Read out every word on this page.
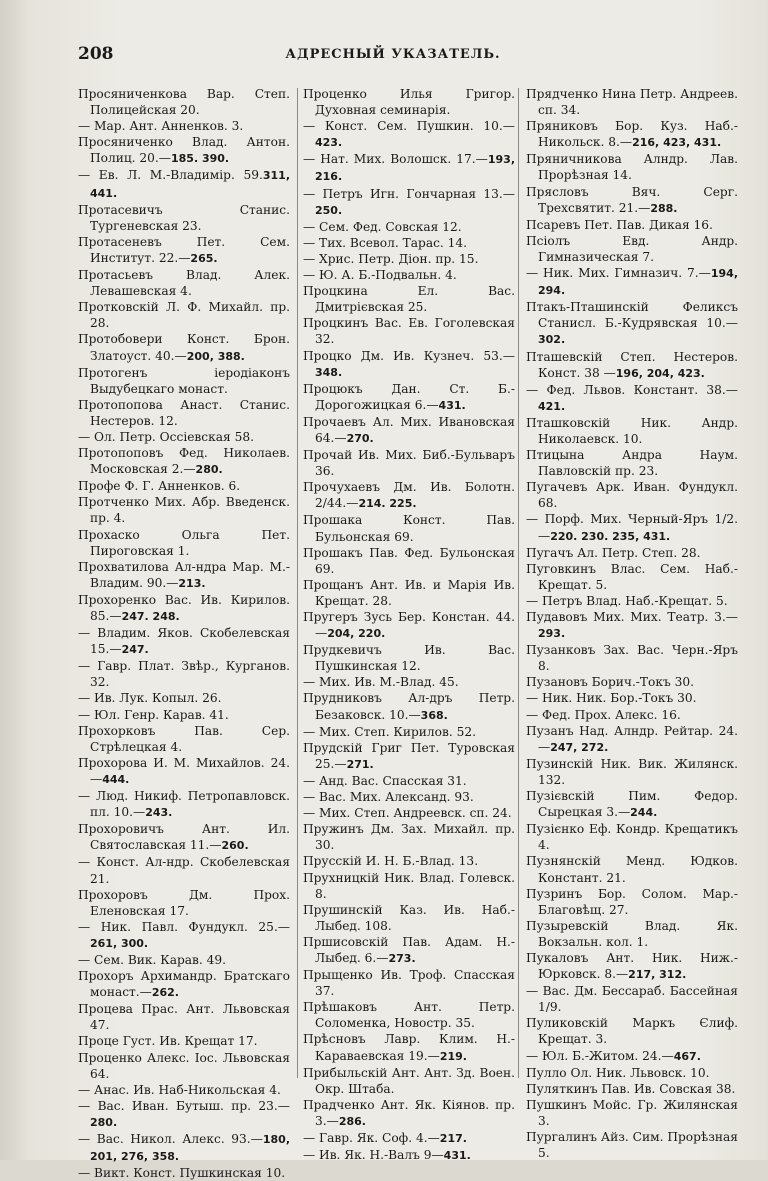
208	АДРЕСНЫЙ УКАЗАТЕЛЬ.
Просяниченкова Вар. Степ. Полицейская 20.
— Мар. Ант. Анненков. 3.
Просяниченко Влад. Антон. Полиц. 20.—185. 390.
— Ев. Л. М.-Владимір. 59.311, 441.
Протасевичъ Станис. Тургеневская 23.
Протасеневъ Пет. Сем. Институт. 22.—265.
Протасьевъ Влад. Алек. Левашевская 4.
Протковскій Л. Ф. Михайл. пр. 28.
Протобовери Конст. Брон. Златоуст. 40.—200, 388.
Протогенъ іеродіаконъ Выдубецкаго монаст.
Протопопова Анаст. Станис. Нестеров. 12.
— Ол. Петр. Оссіевская 58.
Протопоповъ Фед. Николаев. Московская 2.—280.
Профе Ф. Г. Анненков. 6.
Протченко Мих. Абр. Введенск. пр. 4.
Прохаско Ольга Пет. Пироговская 1.
Прохватилова Ал-ндра Мар. М.-Владим. 90.—213.
Прохоренко Вас. Ив. Кирилов. 85.—247. 248.
— Владим. Яков. Скобелевская 15.—247.
— Гавр. Плат. Звѣр., Курганов. 32.
— Ив. Лук. Копыл. 26.
— Юл. Генр. Карав. 41.
Прохорковъ Пав. Сер. Стрѣлецкая 4.
Прохорова И. М. Михайлов. 24.—444.
— Люд. Никиф. Петропавловск. пл. 10.—243.
Прохоровичъ Ант. Ил. Святославская 11.—260.
— Конст. Ал-ндр. Скобелевская 21.
Прохоровъ Дм. Прох. Еленовская 17.
— Ник. Павл. Фундукл. 25.—261, 300.
— Сем. Вик. Карав. 49.
Прохоръ Архимандр. Братскаго монаст.—262.
Процева Прас. Ант. Львовская 47.
Проце Густ. Ив. Крещат 17.
Проценко Алекс. Іос. Львовская 64.
— Анас. Ив. Наб-Никольская 4.
— Вас. Иван. Бутыш. пр. 23.—280.
— Вас. Никол. Алекс. 93.—180, 201, 276, 358.
— Викт. Конст. Пушкинская 10.
Проценко Илья Григор. Духовная семинарія.
— Конст. Сем. Пушкин. 10.—423.
— Нат. Мих. Волошск. 17.—193, 216.
— Петръ Игн. Гончарная 13.—250.
— Сем. Фед. Совская 12.
— Тих. Всевол. Тарас. 14.
— Хрис. Петр. Діон. пр. 15.
— Ю. А. Б.-Подвальн. 4.
Процкина Ел. Вас. Дмитрієвская 25.
Процкинъ Вас. Ев. Гоголевская 32.
Процко Дм. Ив. Кузнеч. 53.—348.
Процюкъ Дан. Ст. Б.-Дорогожицкая 6.—431.
Прочаевъ Ал. Мих. Ивановская 64.—270.
Прочай Ив. Мих. Биб.-Бульваръ 36.
Прочухаевъ Дм. Ив. Болотн. 2/44.—214. 225.
Прошака Конст. Пав. Бульонская 69.
Прошакъ Пав. Фед. Бульонская 69.
Прощанъ Ант. Ив. и Марія Ив. Крещат. 28.
Пругеръ Зусь Бер. Констан. 44.—204, 220.
Прудкевичъ Ив. Вас. Пушкинская 12.
— Мих. Ив. М.-Влад. 45.
Прудниковъ Ал-дръ Петр. Безаковск. 10.—368.
— Мих. Степ. Кирилов. 52.
Прудскій Григ Пет. Туровская 25.—271.
— Анд. Вас. Спасская 31.
— Вас. Мих. Александ. 93.
— Мих. Степ. Андреевск. сп. 24.
Пружинъ Дм. Зах. Михайл. пр. 30.
Прусскій И. Н. Б.-Влад. 13.
Прухницкій Ник. Влад. Голевск. 8.
Прушинскій Каз. Ив. Наб.-Лыбед. 108.
Пршисовскій Пав. Адам. Н.-Лыбед. 6.—273.
Прыщенко Ив. Троф. Спасская 37.
Прѣшаковъ Ант. Петр. Соломенка, Новостр. 35.
Прѣсновъ Лавр. Клим. Н.-Караваевская 19.—219.
Прибыльскій Ант. Ант. Зд. Воен. Окр. Штаба.
Прадченко Ант. Як. Кіянов. пр. 3.—286.
— Гавр. Як. Соф. 4.—217.
— Ив. Як. Н.-Валъ 9—431.
Прядченко Нина Петр. Андреев. сп. 34.
Пряниковъ Бор. Куз. Наб.-Никольск. 8.—216, 423, 431.
Пряничникова Алндр. Лав. Прорѣзная 14.
Прясловъ Вяч. Серг. Трехсвятит. 21.—288.
Псаревъ Пет. Пав. Дикая 16.
Псіолъ Евд. Андр. Гимназическая 7.
— Ник. Мих. Гимназич. 7.—194, 294.
Птакъ-Пташинскій Феликсъ Станисл. Б.-Кудрявская 10.—302.
Пташевскій Степ. Нестеров. Конст. 38 —196, 204, 423.
— Фед. Львов. Констант. 38.—421.
Пташковскій Ник. Андр. Николаевск. 10.
Птицына Андра Наум. Павловскій пр. 23.
Пугачевъ Арк. Иван. Фундукл. 68.
— Порф. Мих. Черный-Яръ 1/2.—220. 230. 235, 431.
Пугачъ Ал. Петр. Степ. 28.
Пуговкинъ Влас. Сем. Наб.-Крещат. 5.
— Петръ Влад. Наб.-Крещат. 5.
Пудавовъ Мих. Мих. Театр. 3.—293.
Пузанковъ Зах. Вас. Черн.-Яръ 8.
Пузановъ Борич.-Токъ 30.
— Ник. Ник. Бор.-Токъ 30.
— Фед. Прох. Алекс. 16.
Пузанъ Над. Алндр. Рейтар. 24.—247, 272.
Пузинскій Ник. Вик. Жилянск. 132.
Пузієвскій Пим. Федор. Сырецкая 3.—244.
Пузієнко Еф. Кондр. Крещатикъ 4.
Пузнянскій Менд. Юдков. Констант. 21.
Пузринъ Бор. Солом. Мар.-Благовѣщ. 27.
Пузыревскій Влад. Як. Вокзальн. кол. 1.
Пукаловъ Ант. Ник. Ниж.-Юрковск. 8.—217, 312.
— Вас. Дм. Бессараб. Бассейная 1/9.
Пуликовскій Маркъ Єлиф. Крещат. 3.
— Юл. Б.-Житом. 24.—467.
Пулло Ол. Ник. Львовск. 10.
Пуляткинъ Пав. Ив. Совская 38.
Пушкинъ Мойс. Гр. Жилянская 3.
Пургалинъ Айз. Сим. Прорѣзная 5.
